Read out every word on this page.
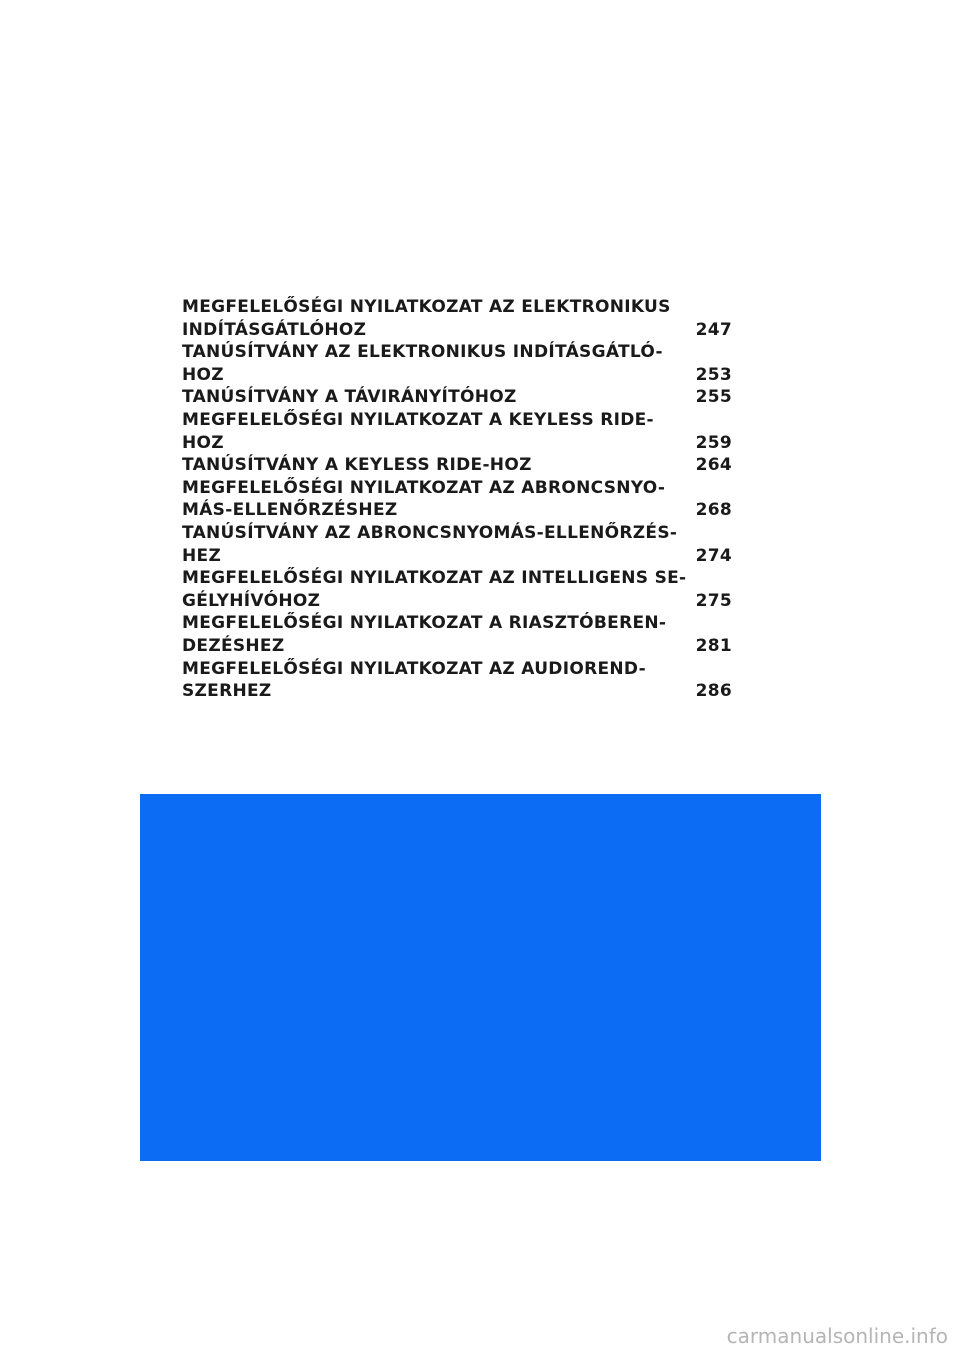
MEGFELELŐSÉGI NYILATKOZAT AZ ELEKTRONIKUS
INDÍTÁSGÁTLÓHOZ	247
TANÚSÍTVÁNY AZ ELEKTRONIKUS INDÍTÁSGÁTLÓ-
HOZ	253
TANÚSÍTVÁNY A TÁVIRÁNYÍTÓHOZ	255
MEGFELELŐSÉGI NYILATKOZAT A KEYLESS RIDE-
HOZ	259
TANÚSÍTVÁNY A KEYLESS RIDE-HOZ	264
MEGFELELŐSÉGI NYILATKOZAT AZ ABRONCSNYO-
MÁS-ELLENŐRZÉSHEZ	268
TANÚSÍTVÁNY AZ ABRONCSNYOMÁS-ELLENŐRZÉS-
HEZ	274
MEGFELELŐSÉGI NYILATKOZAT AZ INTELLIGENS SE-
GÉLYHÍVÓHOZ	275
MEGFELELŐSÉGI NYILATKOZAT A RIASZTÓBEREN-
DEZÉSHEZ	281
MEGFELELŐSÉGI NYILATKOZAT AZ AUDIOREND-
SZERHEZ	286
carmanualsonline.info
